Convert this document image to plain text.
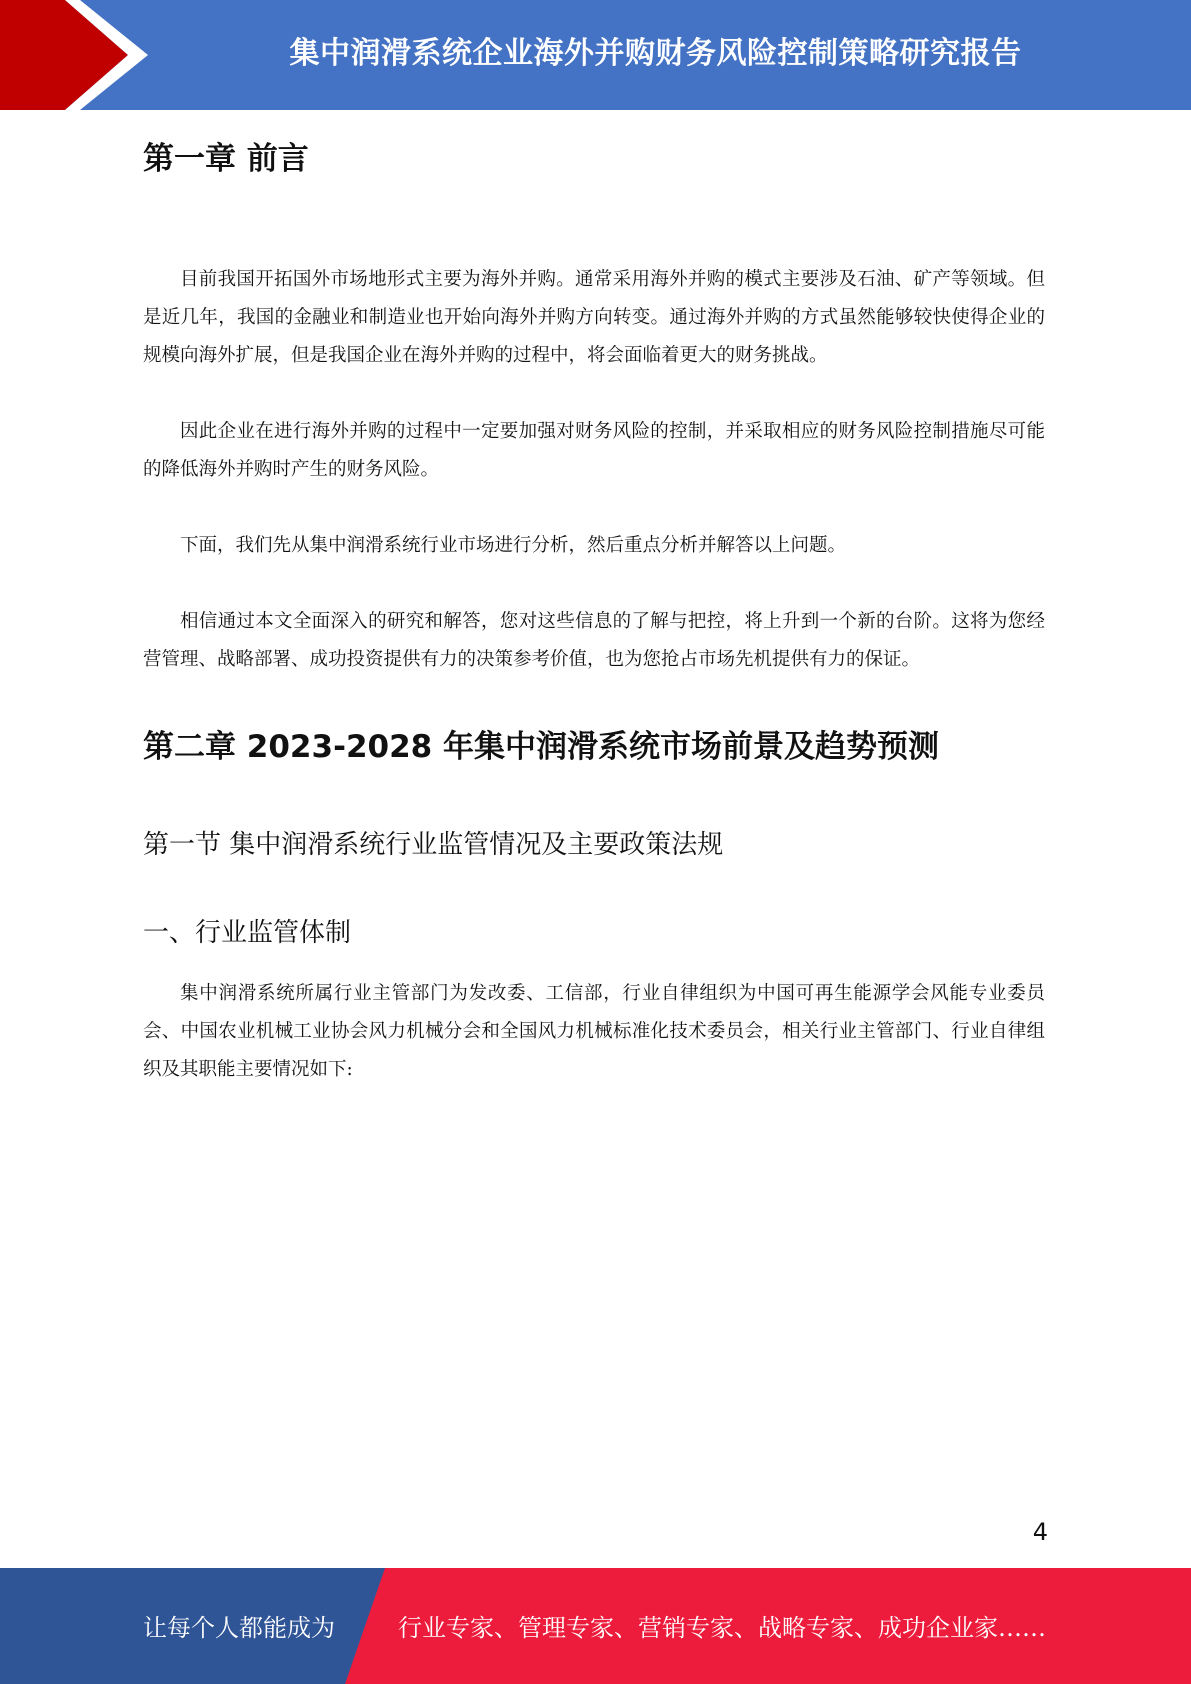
集中润滑系统企业海外并购财务风险控制策略研究报告
第一章 前言

目前我国开拓国外市场地形式主要为海外并购。通常采用海外并购的模式主要涉及石油、矿产等领域。但是近几年，我国的金融业和制造业也开始向海外并购方向转变。通过海外并购的方式虽然能够较快使得企业的规模向海外扩展，但是我国企业在海外并购的过程中，将会面临着更大的财务挑战。

因此企业在进行海外并购的过程中一定要加强对财务风险的控制，并采取相应的财务风险控制措施尽可能的降低海外并购时产生的财务风险。

下面，我们先从集中润滑系统行业市场进行分析，然后重点分析并解答以上问题。

相信通过本文全面深入的研究和解答，您对这些信息的了解与把控，将上升到一个新的台阶。这将为您经营管理、战略部署、成功投资提供有力的决策参考价值，也为您抢占市场先机提供有力的保证。

第二章 2023-2028 年集中润滑系统市场前景及趋势预测
第一节 集中润滑系统行业监管情况及主要政策法规
一、行业监管体制

集中润滑系统所属行业主管部门为发改委、工信部，行业自律组织为中国可再生能源学会风能专业委员会、中国农业机械工业协会风力机械分会和全国风力机械标准化技术委员会，相关行业主管部门、行业自律组织及其职能主要情况如下:

4
让每个人都能成为	行业专家、管理专家、营销专家、战略专家、成功企业家……
